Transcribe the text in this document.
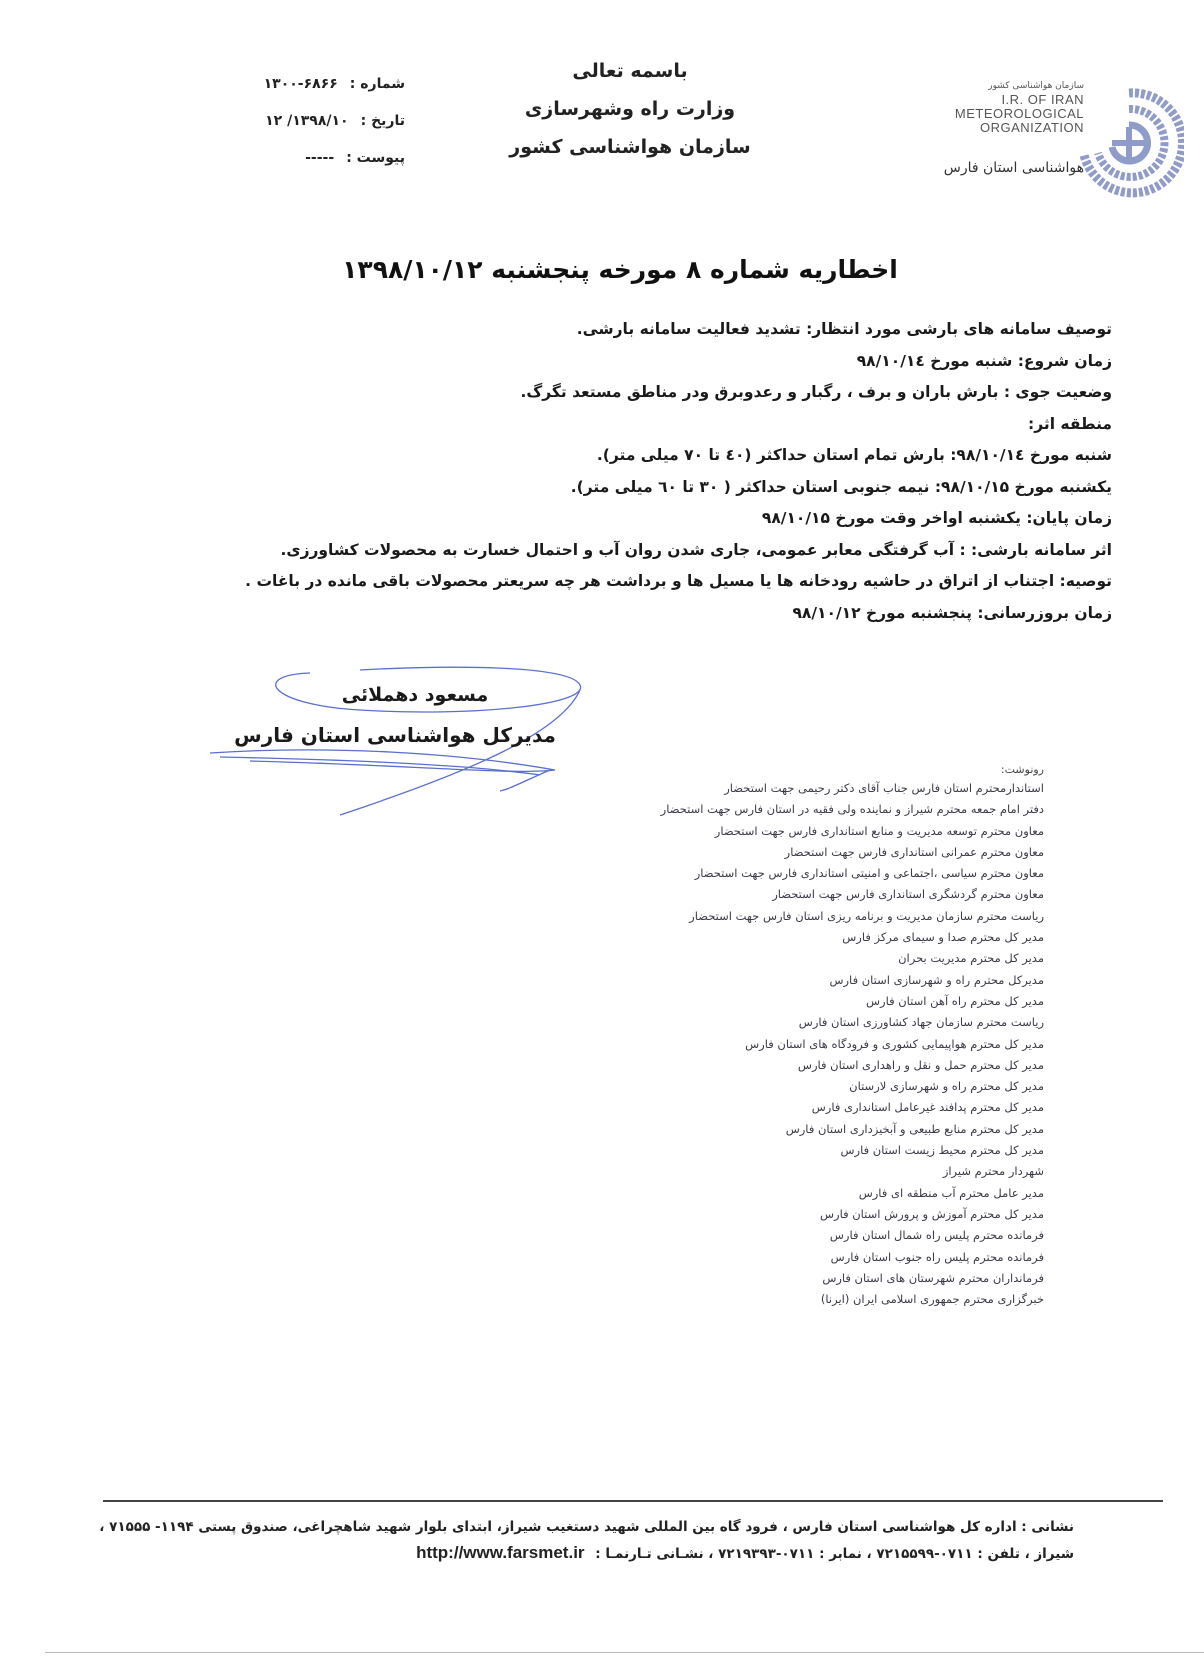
سازمان هواشناسی کشور
I.R. OF IRAN
METEOROLOGICAL
ORGANIZATION
هواشناسی استان فارس
باسمه تعالی
وزارت راه وشهرسازی
سازمان هواشناسی کشور
شماره :
۱۳۰۰-۶۸۶۶
تاریخ :
۱۳۹۸/۱۰/ ۱۲
پیوست :
-----
اخطاریه شماره ۸ مورخه پنجشنبه ۱۳۹۸/۱۰/۱۲
توصیف سامانه های بارشی مورد انتظار: تشدید فعالیت سامانه بارشی.
زمان شروع: شنبه مورخ ۹۸/۱۰/۱٤
وضعیت جوی : بارش باران و برف ، رگبار و رعدوبرق ودر مناطق مستعد تگرگ.
منطقه اثر:
شنبه مورخ ۹۸/۱۰/۱٤: بارش تمام استان حداکثر (٤٠ تا ٧٠ میلی متر).
یکشنبه مورخ ۹۸/۱۰/۱۵: نیمه جنوبی استان حداکثر ( ۳٠ تا ٦٠ میلی متر).
زمان پایان: یکشنبه اواخر وقت مورخ ۹۸/۱۰/۱۵
اثر سامانه بارشی: : آب گرفتگی معابر عمومی، جاری شدن روان آب و احتمال خسارت به محصولات کشاورزی.
توصیه: اجتناب از اتراق در حاشیه رودخانه ها یا مسیل ها و برداشت هر چه سریعتر محصولات باقی مانده در باغات .
زمان بروزرسانی: پنجشنبه مورخ ۹۸/۱۰/۱۲
مسعود دهملائی
مدیرکل هواشناسی استان فارس
رونوشت:
استاندارمحترم استان فارس جناب آقای دکتر رحیمی جهت استحضار
دفتر امام جمعه محترم شیراز و نماینده ولی فقیه در استان فارس جهت استحضار
معاون محترم توسعه مدیریت و منابع استانداری فارس جهت استحضار
معاون محترم عمرانی استانداری فارس جهت استحضار
معاون محترم سیاسی ،اجتماعی و امنیتی استانداری فارس جهت استحضار
معاون محترم گردشگری استانداری فارس جهت استحضار
ریاست محترم سازمان مدیریت و برنامه ریزی استان فارس جهت استحضار
مدیر کل محترم صدا و سیمای مرکز فارس
مدیر کل محترم مدیریت بحران
مدیرکل محترم راه و شهرسازی استان فارس
مدیر کل محترم راه آهن استان فارس
ریاست محترم سازمان جهاد کشاورزی استان فارس
مدیر کل محترم هواپیمایی کشوری و فرودگاه های استان فارس
مدیر کل محترم حمل و نقل و راهداری استان فارس
مدیر کل محترم راه و شهرسازی لارستان
مدیر کل محترم پدافند غیرعامل استانداری فارس
مدیر کل محترم منابع طبیعی و آبخیزداری استان فارس
مدیر کل محترم محیط زیست استان فارس
شهردار محترم شیراز
مدیر عامل محترم آب منطقه ای فارس
مدیر کل محترم آموزش و پرورش استان فارس
فرمانده محترم پلیس راه شمال استان فارس
فرمانده محترم پلیس راه جنوب استان فارس
فرمانداران محترم شهرستان های استان فارس
خبرگزاری محترم جمهوری اسلامی ایران (ایرنا)
نشانی : اداره کل هواشناسی استان فارس ، فرود گاه بین المللی شهید دستغیب شیراز، ابتدای بلوار شهید شاهچراغی، صندوق پستی ۱۱۹۴- ۷۱۵۵۵ ،
شیراز ، تلفن : ۰۷۱۱-۷۲۱۵۵۹۹ ، نمابر : ۰۷۱۱-۷۲۱۹۳۹۳ ، نشـانی تـارنمـا : http://www.farsmet.ir
